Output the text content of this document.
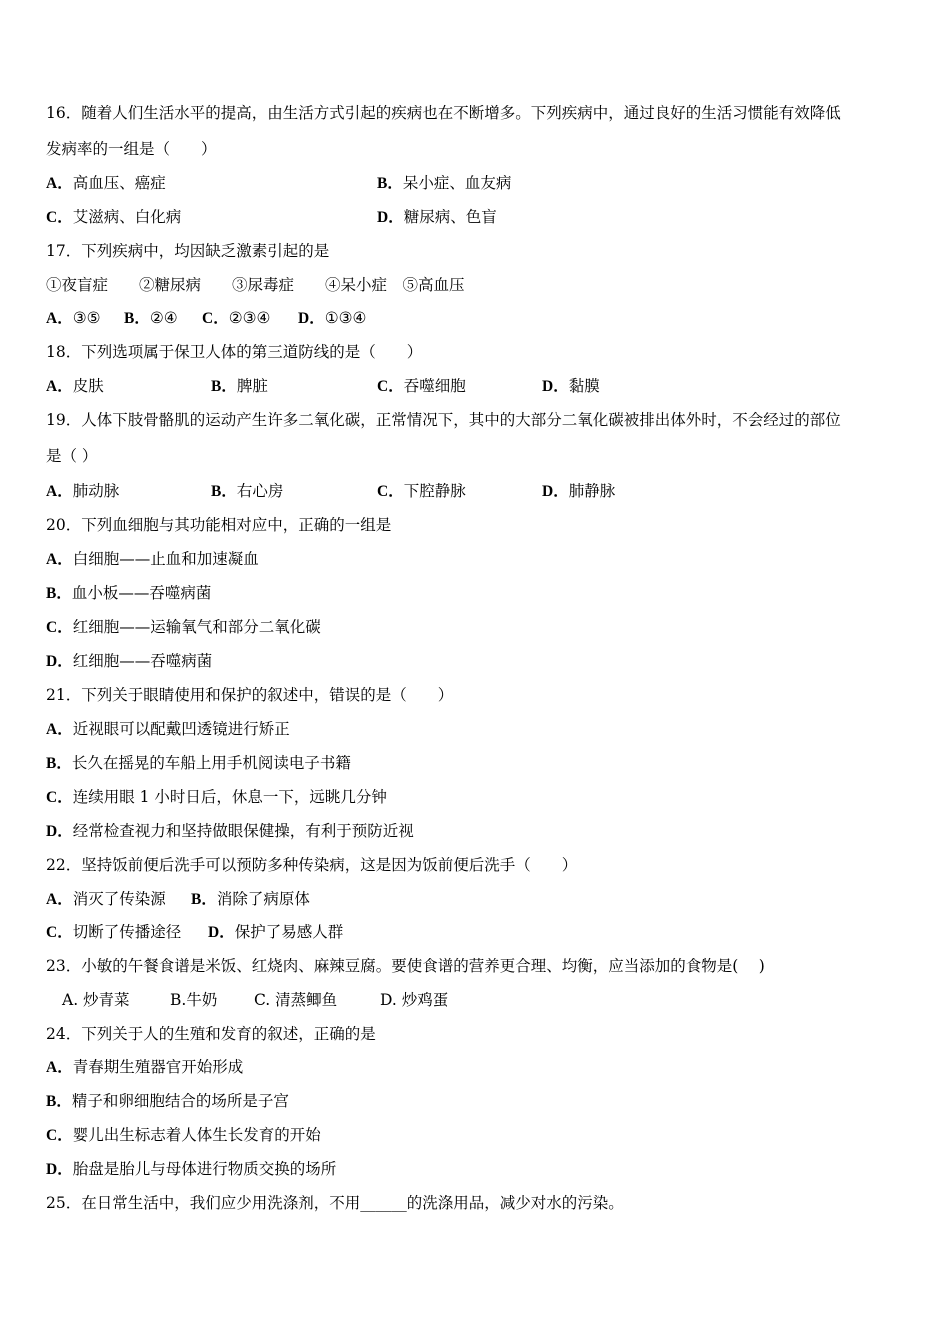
16．随着人们生活水平的提高，由生活方式引起的疾病也在不断增多。下列疾病中，通过良好的生活习惯能有效降低
发病率的一组是（　　）
A．高血压、癌症	B．呆小症、血友病
C．艾滋病、白化病	D．糖尿病、色盲
17．下列疾病中，均因缺乏激素引起的是
①夜盲症　　②糖尿病　　③尿毒症　　④呆小症　⑤高血压
A．③⑤ B．②④ C．②③④ D．①③④
18．下列选项属于保卫人体的第三道防线的是（　　）
A．皮肤	B．脾脏	C．吞噬细胞	D．黏膜
19．人体下肢骨骼肌的运动产生许多二氧化碳，正常情况下，其中的大部分二氧化碳被排出体外时，不会经过的部位
是（ ）
A．肺动脉	B．右心房	C．下腔静脉	D．肺静脉
20．下列血细胞与其功能相对应中，正确的一组是
A．白细胞——止血和加速凝血
B．血小板——吞噬病菌
C．红细胞——运输氧气和部分二氧化碳
D．红细胞——吞噬病菌
21．下列关于眼睛使用和保护的叙述中，错误的是（　　）
A．近视眼可以配戴凹透镜进行矫正
B．长久在摇晃的车船上用手机阅读电子书籍
C．连续用眼 1 小时日后，休息一下，远眺几分钟
D．经常检查视力和坚持做眼保健操，有利于预防近视
22．坚持饭前便后洗手可以预防多种传染病，这是因为饭前便后洗手（　　）
A．消灭了传染源 B．消除了病原体
C．切断了传播途径 D．保护了易感人群
23．小敏的午餐食谱是米饭、红烧肉、麻辣豆腐。要使食谱的营养更合理、均衡，应当添加的食物是(　 )
A. 炒青菜	B.牛奶 C. 清蒸鲫鱼	D. 炒鸡蛋
24．下列关于人的生殖和发育的叙述，正确的是
A．青春期生殖器官开始形成
B．精子和卵细胞结合的场所是子宫
C．婴儿出生标志着人体生长发育的开始
D．胎盘是胎儿与母体进行物质交换的场所
25．在日常生活中，我们应少用洗涤剂，不用______的洗涤用品，减少对水的污染。
